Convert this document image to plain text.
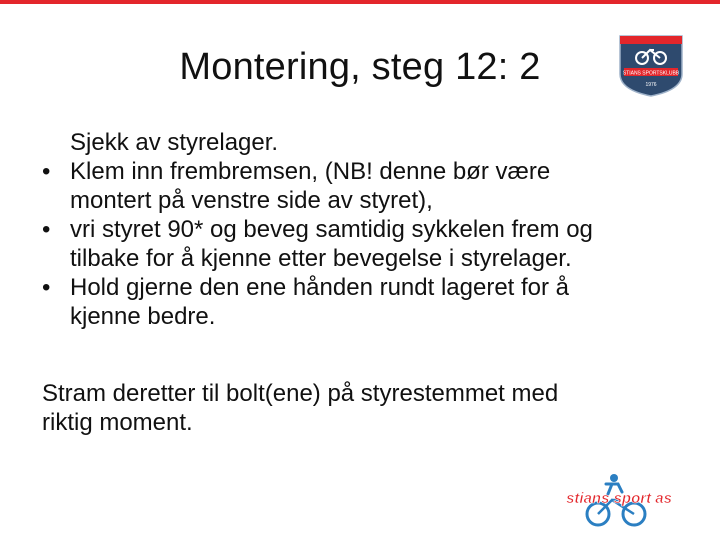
Montering, steg 12: 2	STIANS SPORTSKLUBB
1976
Sjekk av styrelager.
• Klem inn frembremsen, (NB! denne bør være
montert på venstre side av styret),
• vri styret 90* og beveg samtidig sykkelen frem og
tilbake for å kjenne etter bevegelse i styrelager.
• Hold gjerne den ene hånden rundt lageret for å
kjenne bedre.
Stram deretter til bolt(ene) på styrestemmet med
riktig moment.
stians sport as
